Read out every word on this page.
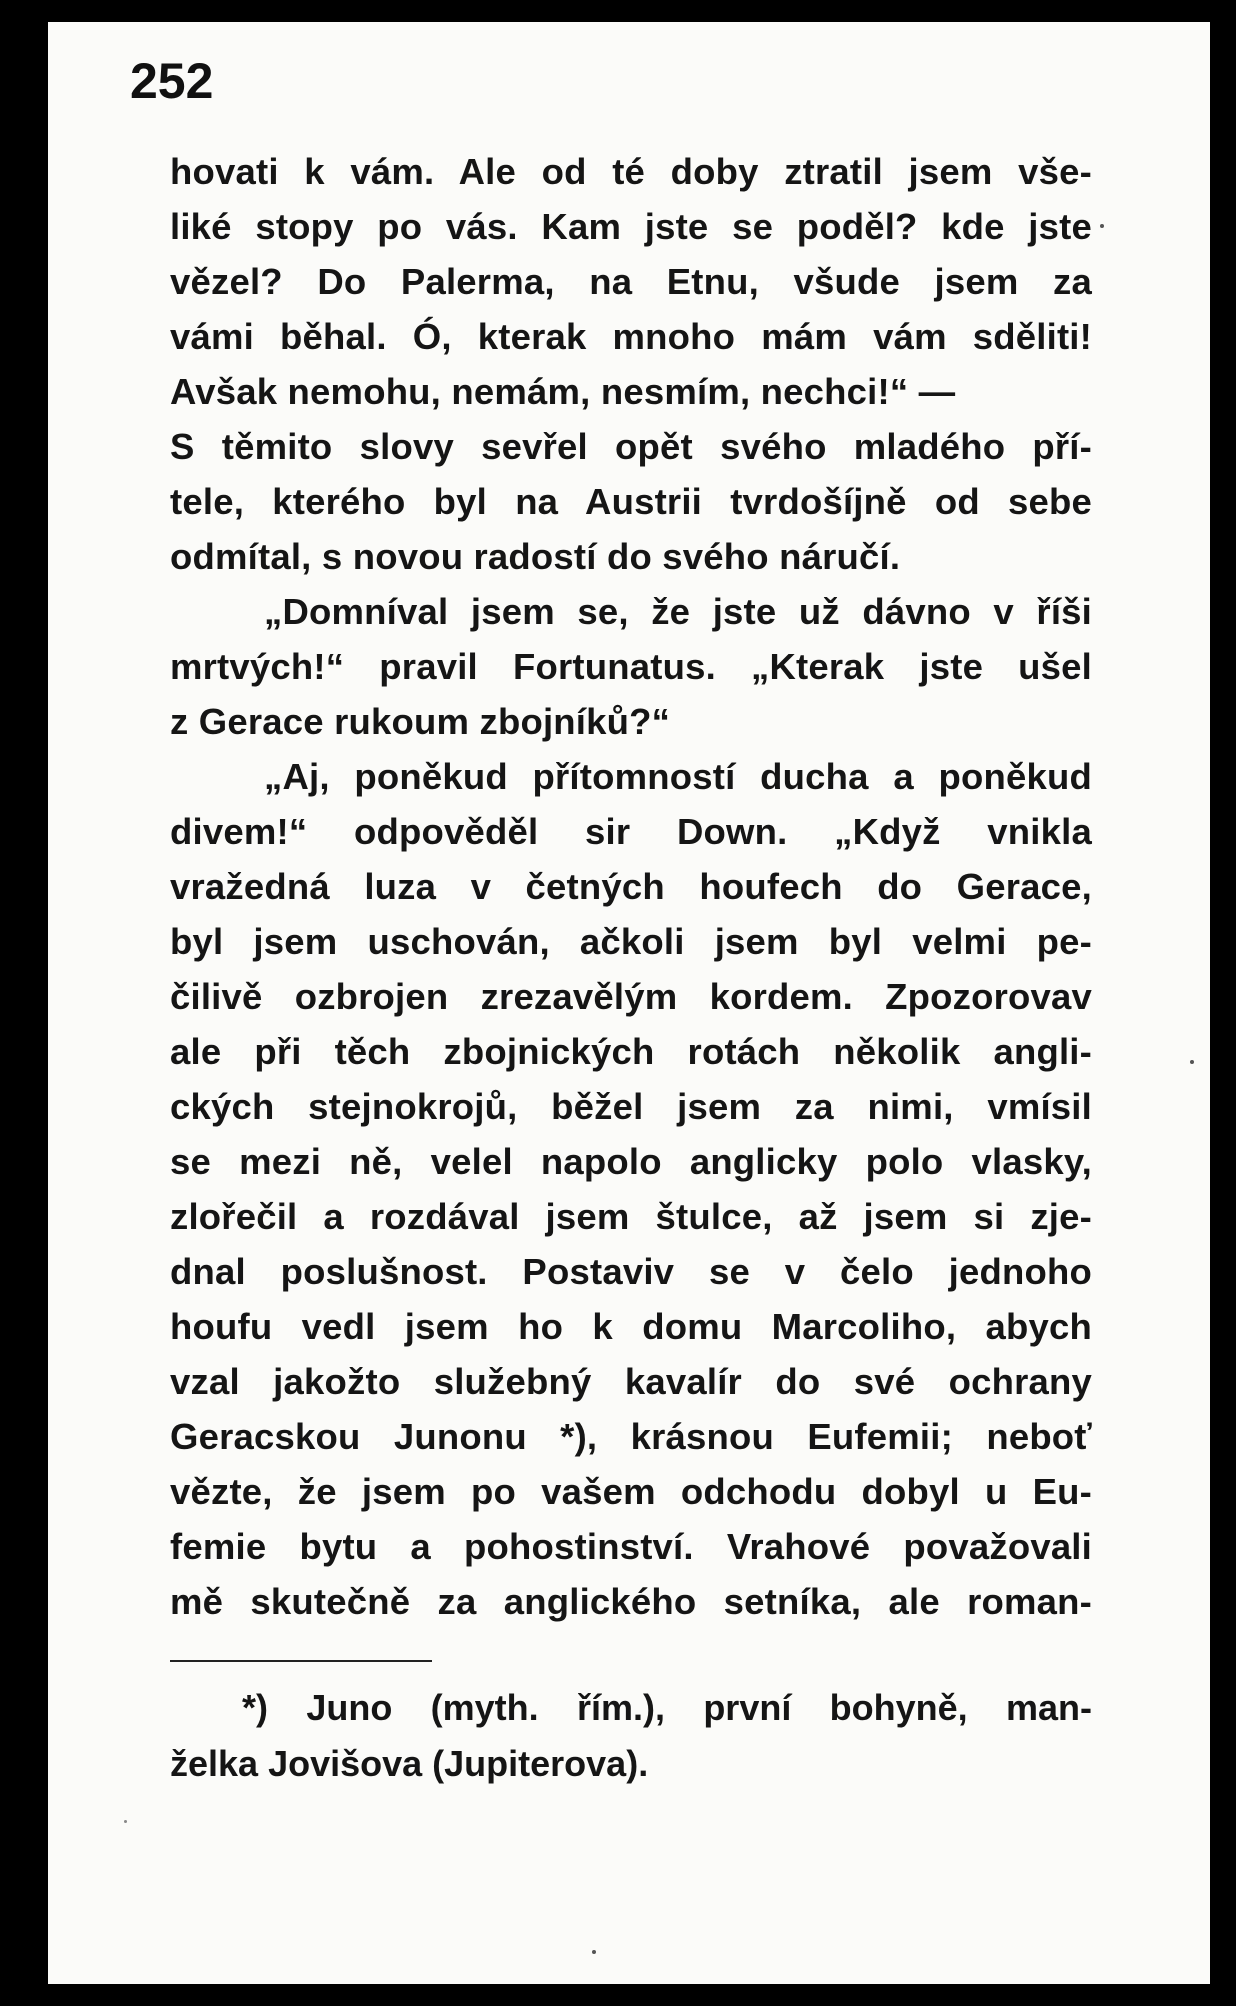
252

hovati k vám. Ale od té doby ztratil jsem vše-
liké stopy po vás. Kam jste se poděl? kde jste
vězel? Do Palerma, na Etnu, všude jsem za
vámi běhal. Ó, kterak mnoho mám vám sděliti!
Avšak nemohu, nemám, nesmím, nechci!“ —
S těmito slovy sevřel opět svého mladého pří-
tele, kterého byl na Austrii tvrdošíjně od sebe
odmítal, s novou radostí do svého náručí.
„Domníval jsem se, že jste už dávno v říši
mrtvých!“ pravil Fortunatus. „Kterak jste ušel
z Gerace rukoum zbojníků?“
„Aj, poněkud přítomností ducha a poněkud
divem!“ odpověděl sir Down. „Když vnikla
vražedná luza v četných houfech do Gerace,
byl jsem uschován, ačkoli jsem byl velmi pe-
čilivě ozbrojen zrezavělým kordem. Zpozorovav
ale při těch zbojnických rotách několik angli-
ckých stejnokrojů, běžel jsem za nimi, vmísil
se mezi ně, velel napolo anglicky polo vlasky,
zlořečil a rozdával jsem štulce, až jsem si zje-
dnal poslušnost. Postaviv se v čelo jednoho
houfu vedl jsem ho k domu Marcoliho, abych
vzal jakožto služebný kavalír do své ochrany
Geracskou Junonu *), krásnou Eufemii; neboť
vězte, že jsem po vašem odchodu dobyl u Eu-
femie bytu a pohostinství. Vrahové považovali
mě skutečně za anglického setníka, ale roman-
*) Juno (myth. řím.), první bohyně, man-
želka Jovišova (Jupiterova).
